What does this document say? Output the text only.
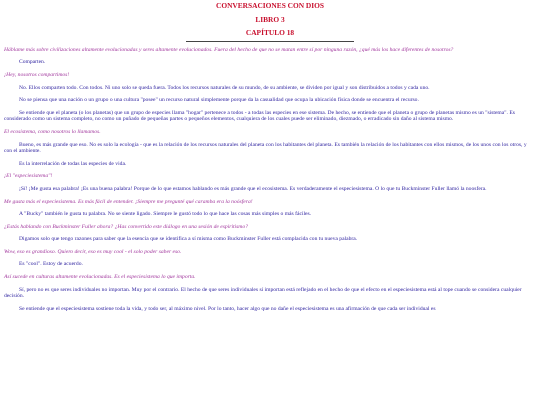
CONVERSACIONES CON DIOS

LIBRO 3

CAPÍTULO 18

Háblame más sobre civilizaciones altamente evolucionadas y seres altamente evolucionados. Fuera del hecho de que no se matan entre sí por ninguna razón, ¿qué más los hace diferentes de nosotros?

Comparten.

¡Hey, nosotros compartimos!

No. Ellos comparten todo. Con todos. Ni uno solo se queda fuera. Todos los recursos naturales de su mundo, de su ambiente, se dividen por igual y son distribuidos a todos y cada uno.

No se piensa que una nación o un grupo o una cultura "posee" un recurso natural simplemente porque da la casualidad que ocupa la ubicación física donde se encuentra el recurso.

Se entiende que el planeta (o los planetas) que un grupo de especies llama "hogar" pertenece a todos - a todas las especies en ese sistema. De hecho, se entiende que el planeta o grupo de planetas mismo es un "sistema". Es considerado como un sistema completo, no como un puñado de pequeñas partes o pequeños elementos, cualquiera de los cuales puede ser eliminado, diezmado, o erradicado sin daño al sistema mismo.

El ecosistema, como nosotros lo llamamos.

Bueno, es más grande que eso. No es solo la ecología - que es la relación de los recursos naturales del planeta con los habitantes del planeta. Es también la relación de los habitantes con ellos mismos, de los unos con los otros, y con el ambiente.

Es la interrelación de todas las especies de vida.

¡El "especiesistema"!

¡Sí! ¡Me gusta esa palabra! ¡Es una buena palabra! Porque de lo que estamos hablando es más grande que el ecosistema. Es verdaderamente el especiesistema. O lo que tu Buckminster Fuller llamó la noosfera.

Me gusta más el especiesistema. Es más fácil de entender. ¡Siempre me pregunté qué caramba era la noósfera!

A "Bucky" también le gusta tu palabra. No se siente ligado. Siempre le gustó todo lo que hace las cosas más simples o más fáciles.

¿Estás hablando con Buckminster Fuller ahora? ¿Has convertido este diálogo en una sesión de espiritismo?

Digamos solo que tengo razones para saber que la esencia que se identifica a sí misma como Buckminster Fuller está complacida con tu nueva palabra.

Wow, eso es grandioso. Quiero decir, eso es muy cool - el solo poder saber eso.

Es "cool". Estoy de acuerdo.

Así sucede en culturas altamente evolucionadas. Es el especiesistema lo que importa.

Sí, pero no es que seres individuales no importan. Muy por el contrario. El hecho de que seres individuales sí importan está reflejado en el hecho de que el efecto en el especiesistema está al tope cuando se considera cualquier decisión.

Se entiende que el especiesistema sostiene toda la vida, y todo ser, al máximo nivel. Por lo tanto, hacer algo que no dañe el especiesistema es una afirmación de que cada ser individual es
